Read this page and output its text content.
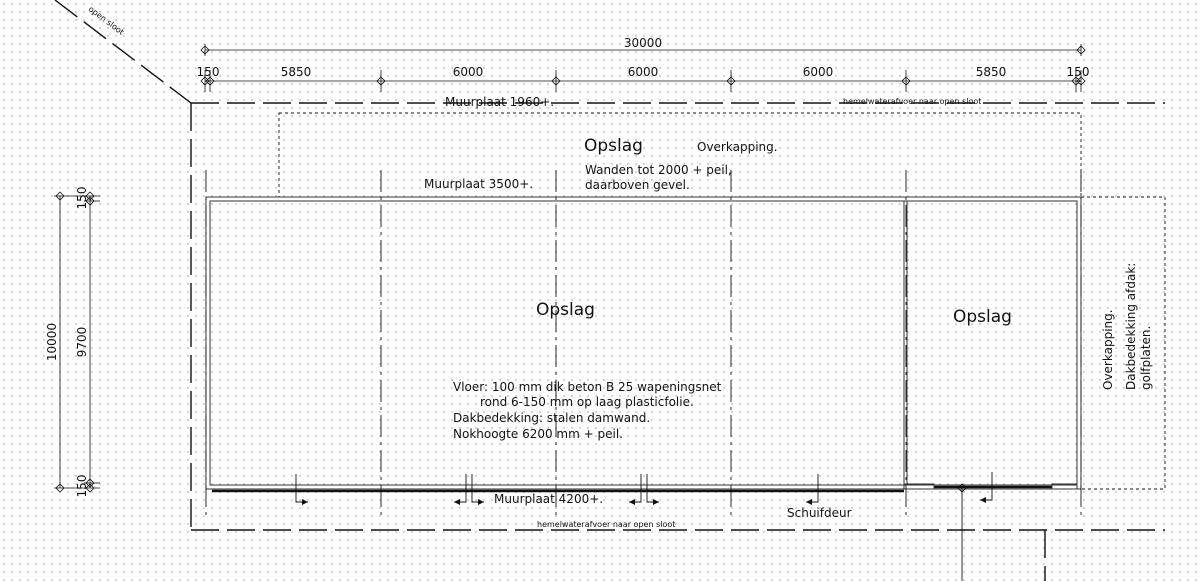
30000
150	5850	6000	6000	6000	5850	150
10000 9700
150
150
open sloot
Muurplaat 1960+.	hemelwaterafvoer naar open sloot
Opslag	Overkapping.
Wanden tot 2000 + peil,
daarboven gevel.
Muurplaat 3500+.
Opslag	Opslag
Vloer: 100 mm dik beton B 25 wapeningsnet
rond 6-150 mm op laag plasticfolie.
Dakbedekking: stalen damwand.
Nokhoogte 6200 mm + peil.
Muurplaat 4200+.
Schuifdeur
hemelwaterafvoer naar open sloot
Overkapping. Dakbedekking afdak: golfplaten.
